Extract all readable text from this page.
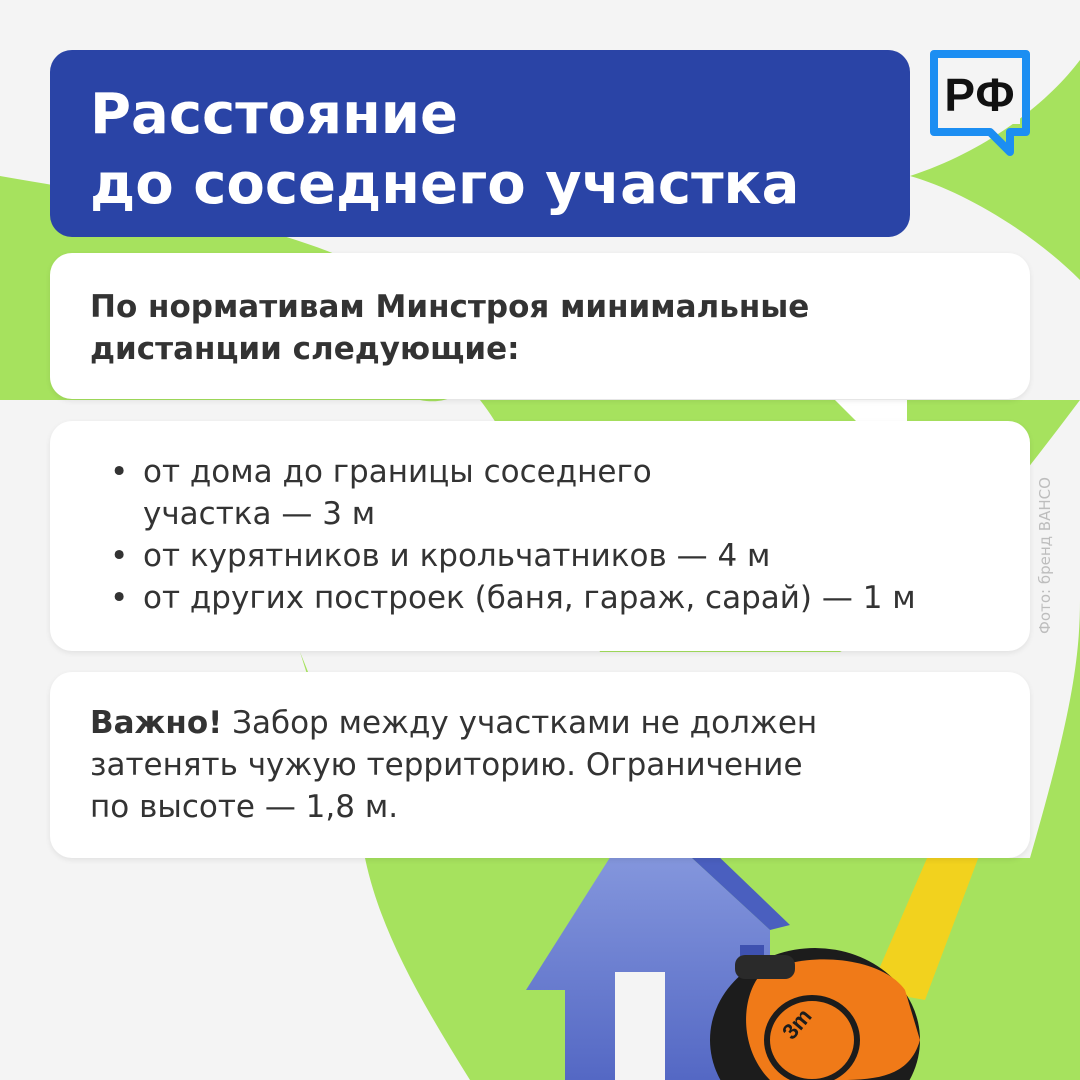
3m
Расстояние
до соседнего участка
РФ
По нормативам Минстроя минимальные
дистанции следующие:
• от дома до границы соседнего
участка — 3 м
• от курятников и крольчатников — 4 м
• от других построек (баня, гараж, сарай) — 1 м
Важно! Забор между участками не должен
затенять чужую территорию. Ограничение
по высоте — 1,8 м.
Фото: бренд BAHCO
